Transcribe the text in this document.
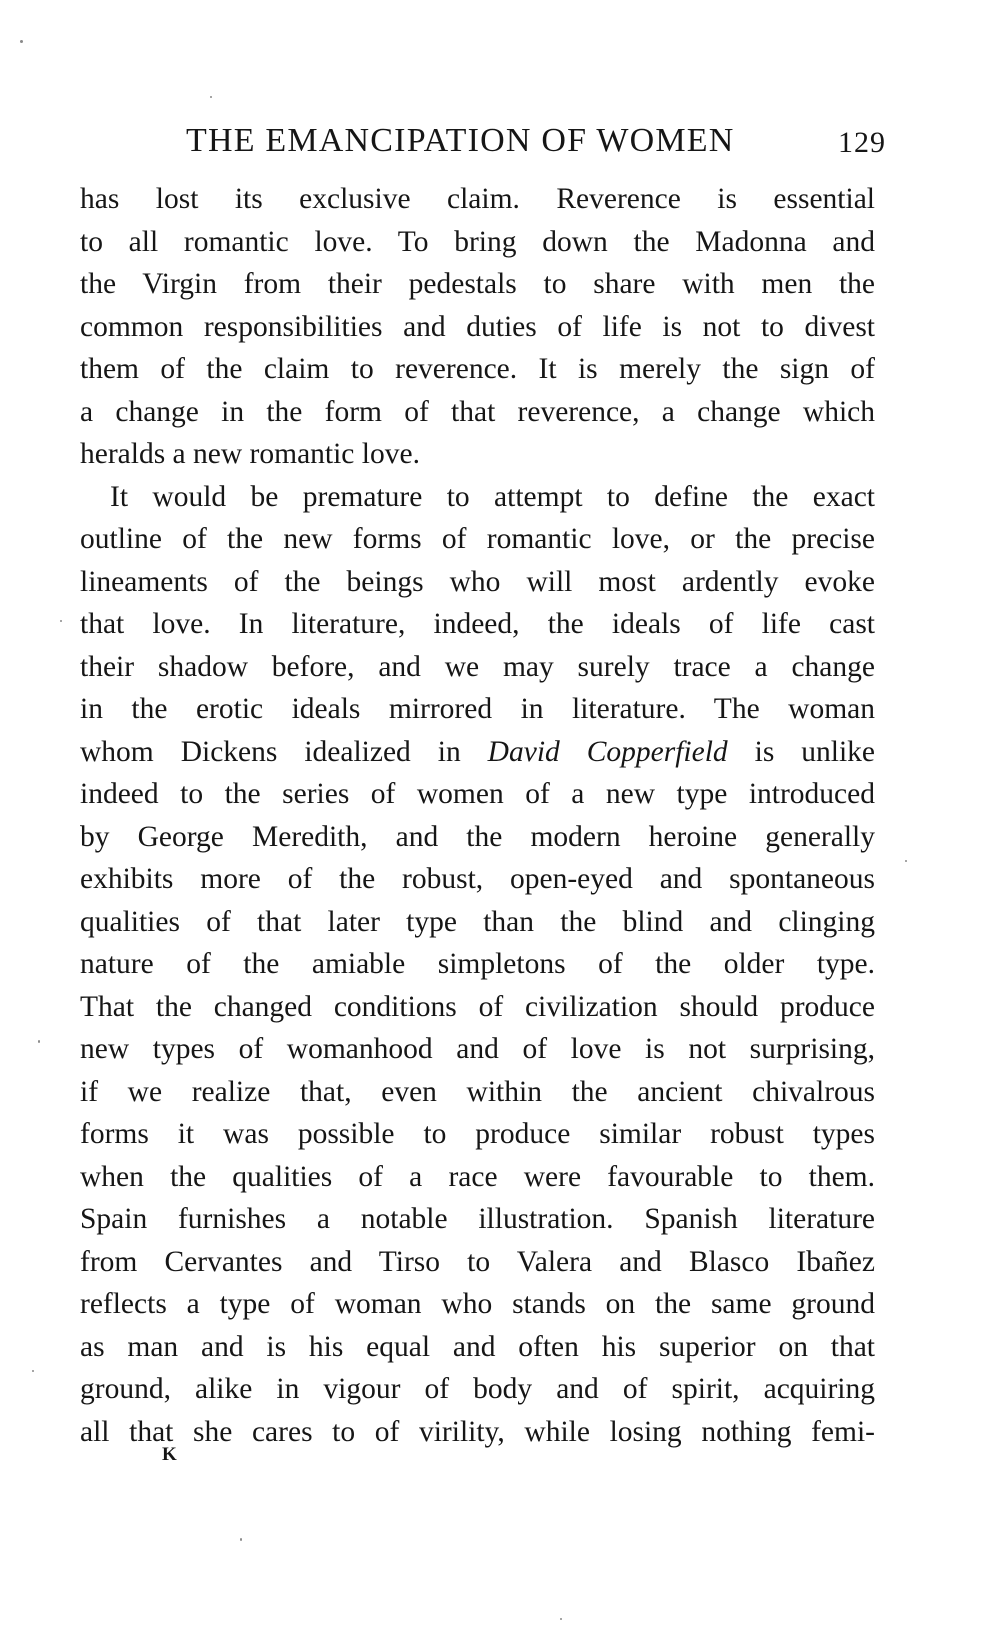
THE EMANCIPATION OF WOMEN	129
has lost its exclusive claim. Reverence is essential
to all romantic love. To bring down the Madonna and
the Virgin from their pedestals to share with men the
common responsibilities and duties of life is not to divest
them of the claim to reverence. It is merely the sign of
a change in the form of that reverence, a change which
heralds a new romantic love.
It would be premature to attempt to define the exact
outline of the new forms of romantic love, or the precise
lineaments of the beings who will most ardently evoke
that love. In literature, indeed, the ideals of life cast
their shadow before, and we may surely trace a change
in the erotic ideals mirrored in literature. The woman
whom Dickens idealized in David Copperfield is unlike
indeed to the series of women of a new type introduced
by George Meredith, and the modern heroine generally
exhibits more of the robust, open-eyed and spontaneous
qualities of that later type than the blind and clinging
nature of the amiable simpletons of the older type.
That the changed conditions of civilization should produce
new types of womanhood and of love is not surprising,
if we realize that, even within the ancient chivalrous
forms it was possible to produce similar robust types
when the qualities of a race were favourable to them.
Spain furnishes a notable illustration. Spanish literature
from Cervantes and Tirso to Valera and Blasco Ibañez
reflects a type of woman who stands on the same ground
as man and is his equal and often his superior on that
ground, alike in vigour of body and of spirit, acquiring
all that she cares to of virility, while losing nothing femi-
K
